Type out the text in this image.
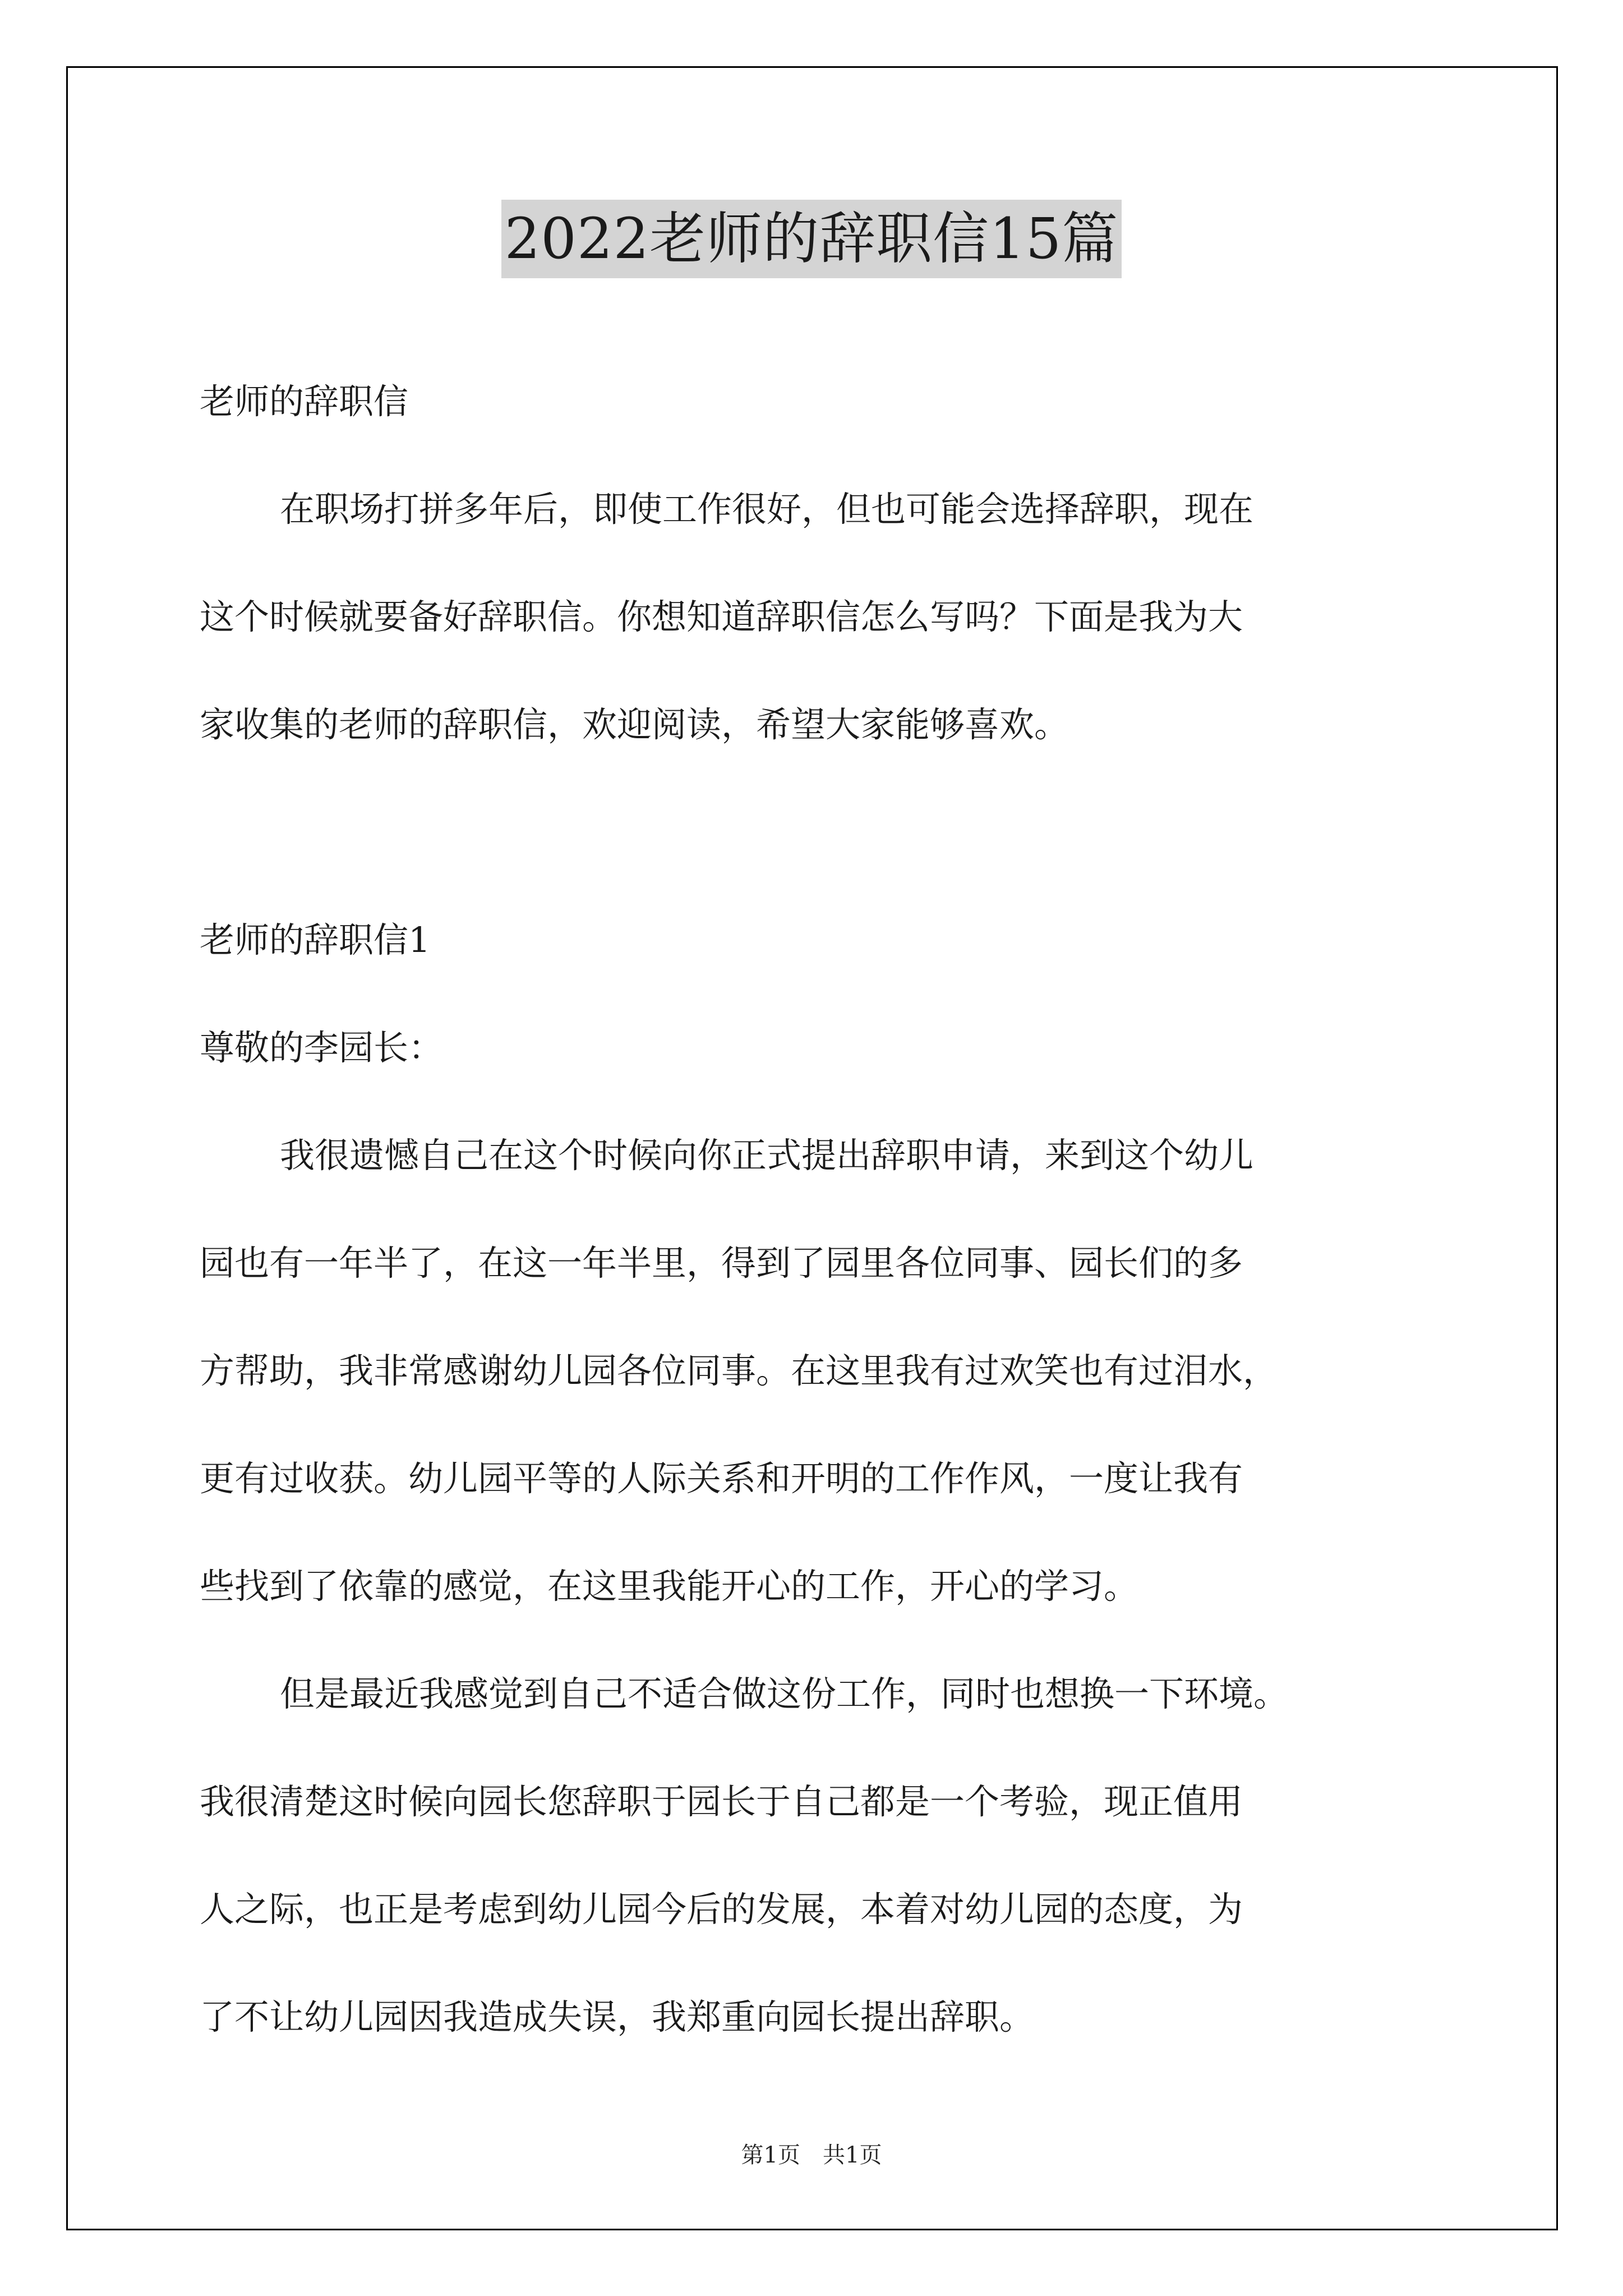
2022老师的辞职信15篇

老师的辞职信

在职场打拼多年后，即使工作很好，但也可能会选择辞职，现在

这个时候就要备好辞职信。你想知道辞职信怎么写吗？下面是我为大

家收集的老师的辞职信，欢迎阅读，希望大家能够喜欢。

老师的辞职信1

尊敬的李园长：

我很遗憾自己在这个时候向你正式提出辞职申请，来到这个幼儿

园也有一年半了，在这一年半里，得到了园里各位同事、园长们的多

方帮助，我非常感谢幼儿园各位同事。在这里我有过欢笑也有过泪水，

更有过收获。幼儿园平等的人际关系和开明的工作作风，一度让我有

些找到了依靠的感觉，在这里我能开心的工作，开心的学习。

但是最近我感觉到自己不适合做这份工作，同时也想换一下环境。

我很清楚这时候向园长您辞职于园长于自己都是一个考验，现正值用

人之际，也正是考虑到幼儿园今后的发展，本着对幼儿园的态度，为

了不让幼儿园因我造成失误，我郑重向园长提出辞职。

第1页　共1页
